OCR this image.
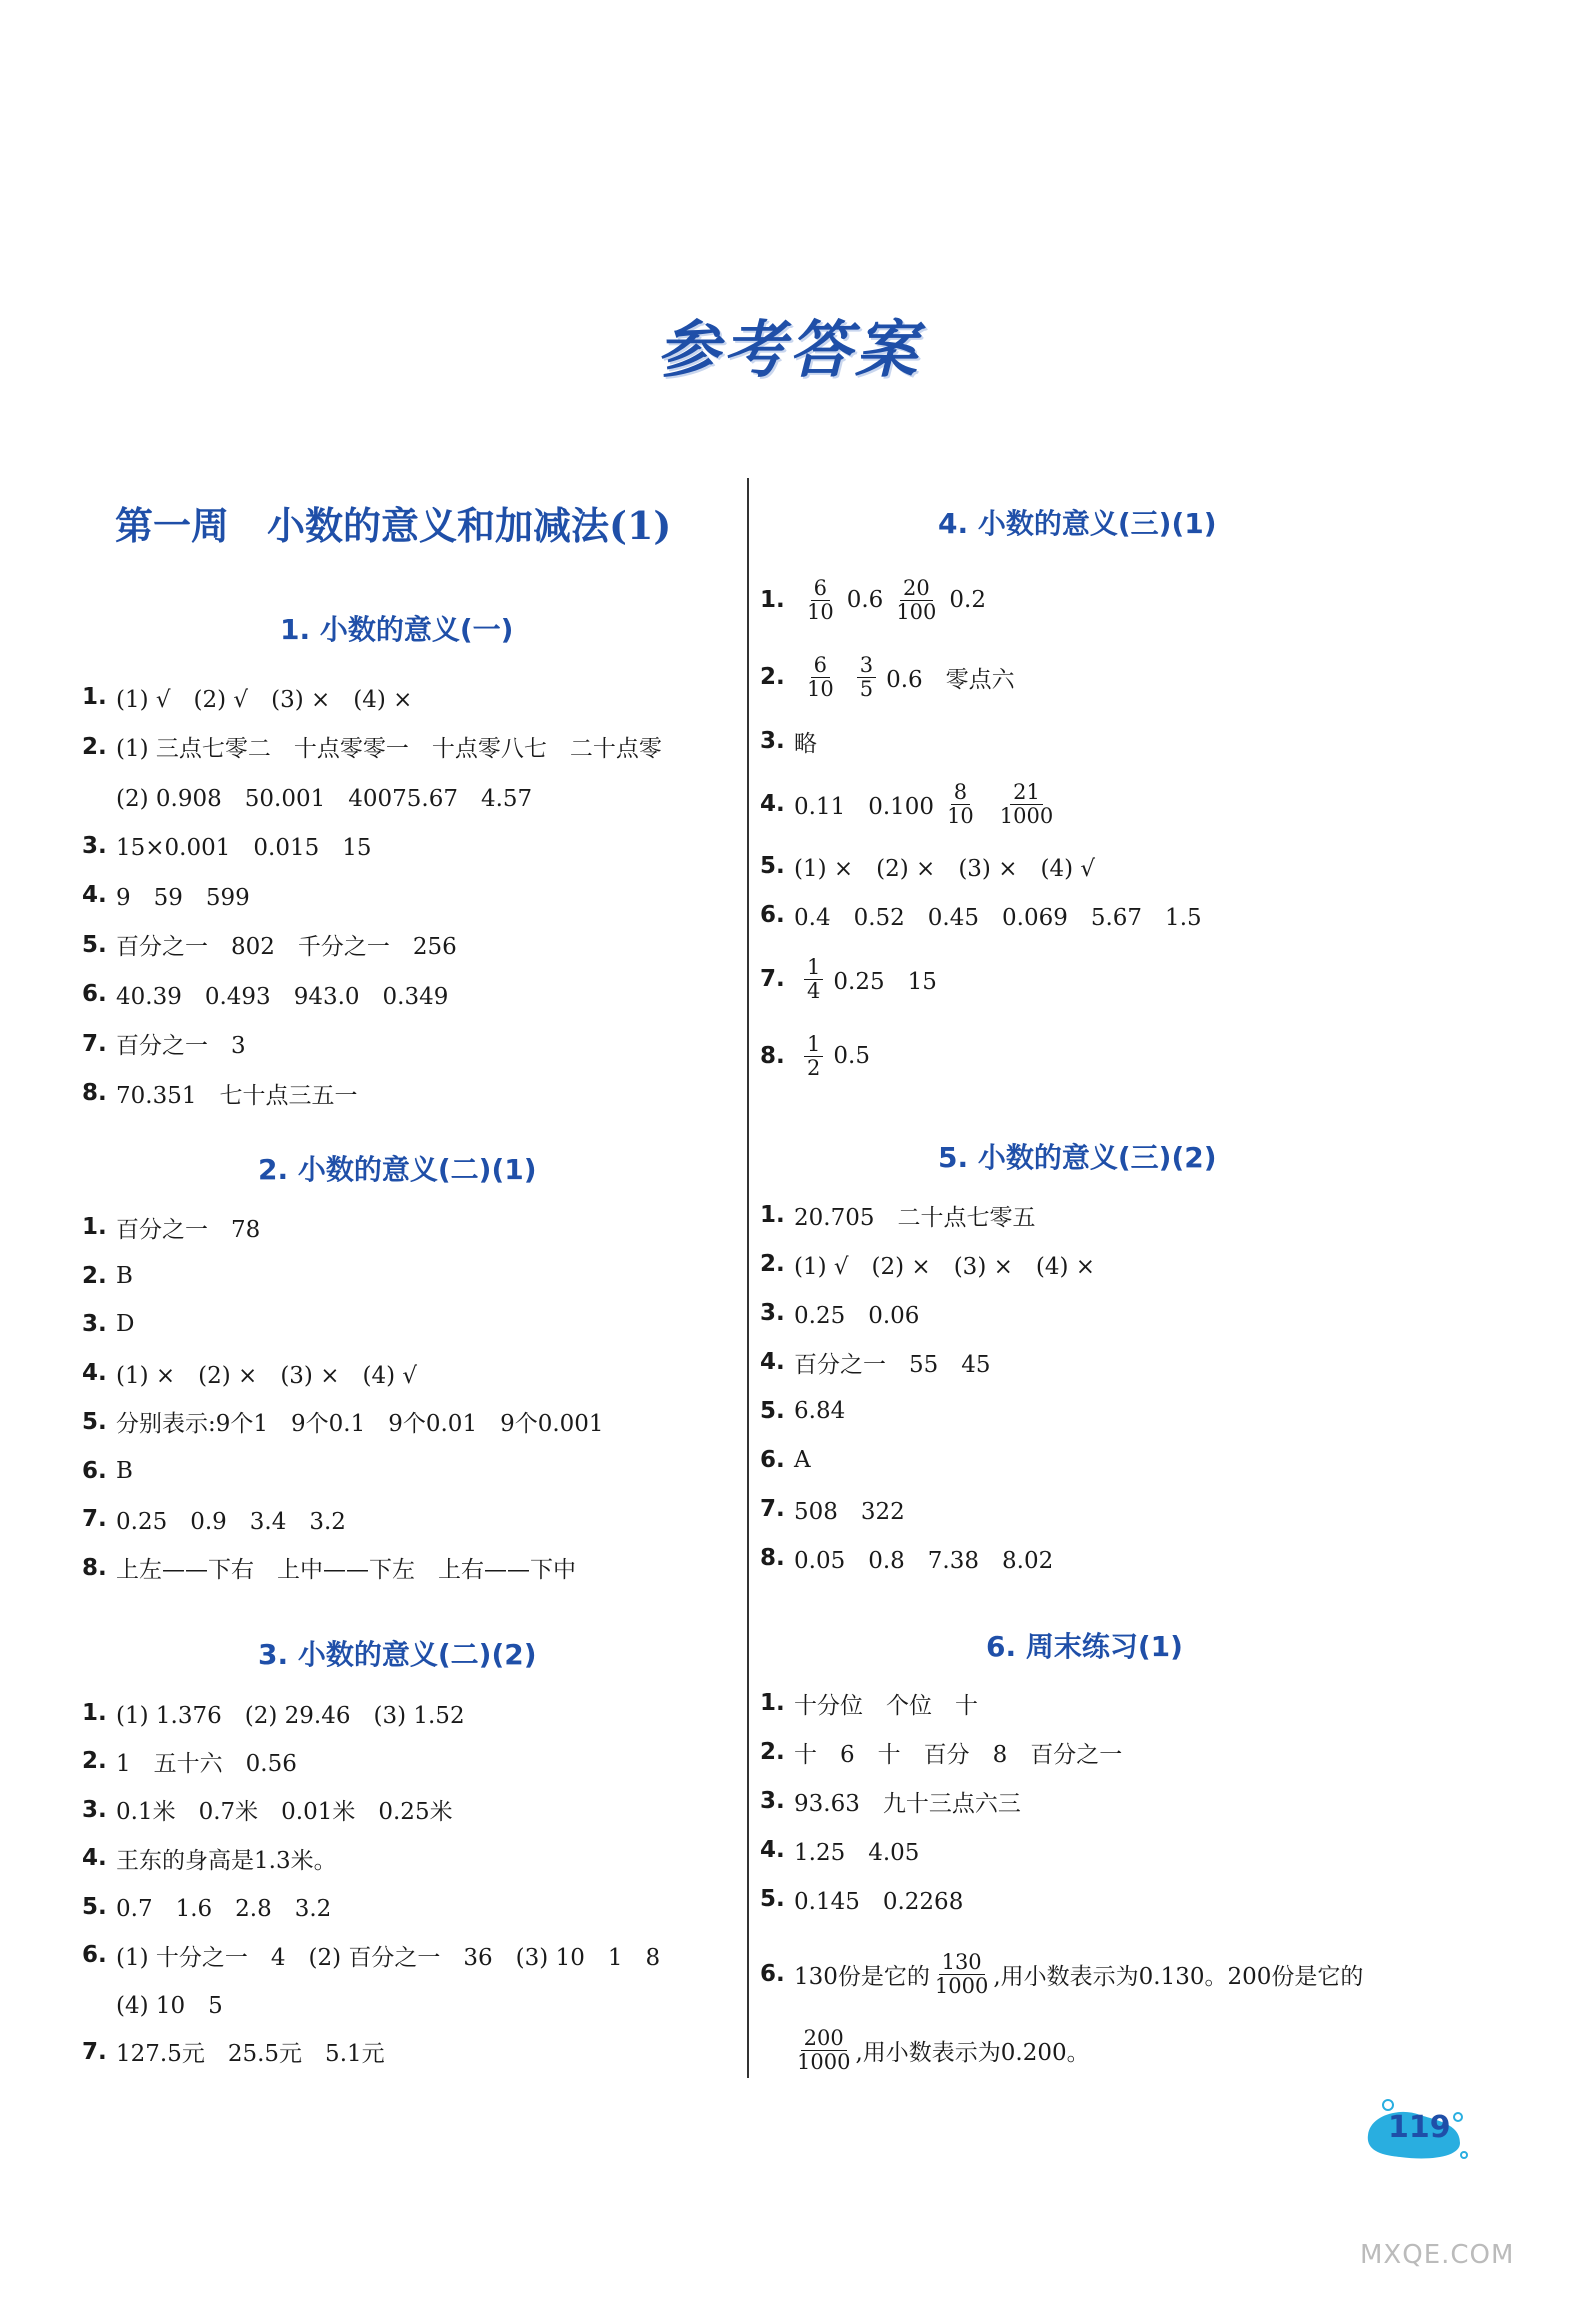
参考答案
第一周　小数的意义和加减法(1)
1. 小数的意义(一)
1. (1) √　(2) √　(3) ×　(4) ×
2. (1) 三点七零二　十点零零一　十点零八七　二十点零
(2) 0.908　50.001　40075.67　4.57
3. 15×0.001　0.015　15
4. 9　59　599
5. 百分之一　802　千分之一　256
6. 40.39　0.493　943.0　0.349
7. 百分之一　3
8. 70.351　七十点三五一
2. 小数的意义(二)(1)
1. 百分之一　78
2. B
3. D
4. (1) ×　(2) ×　(3) ×　(4) √
5. 分别表示:9个1　9个0.1　9个0.01　9个0.001
6. B
7. 0.25　0.9　3.4　3.2
8. 上左——下右　上中——下左　上右——下中
3. 小数的意义(二)(2)
1. (1) 1.376　(2) 29.46　(3) 1.52
2. 1　五十六　0.56
3. 0.1米　0.7米　0.01米　0.25米
4. 王东的身高是1.3米。
5. 0.7　1.6　2.8　3.2
6. (1) 十分之一　4　(2) 百分之一　36　(3) 10　1　8
(4) 10　5
7. 127.5元　25.5元　5.1元
4. 小数的意义(三)(1)
1. $\frac{6}{10} 0.6 \frac{20}{100} 0.2$
2. $\frac{6}{10} \frac{3}{5} 0.6$　零点六
3. 略
4. 0.11　$0.100 \frac{8}{10} \frac{21}{1000}$
5. (1) ×　(2) ×　(3) ×　(4) √
6. 0.4　0.52　0.45　0.069　5.67　1.5
7. $\frac{1}{4} 0.25$　15
8. $\frac{1}{2} 0.5$
5. 小数的意义(三)(2)
1. 20.705　二十点七零五
2. (1) √　(2) ×　(3) ×　(4) ×
3. 0.25　0.06
4. 百分之一　55　45
5. 6.84
6. A
7. 508　322
8. 0.05　0.8　7.38　8.02
6. 周末练习(1)
1. 十分位　个位　十
2. 十　6　十　百分　8　百分之一
3. 93.63　九十三点六三
4. 1.25　4.05
5. 0.145　0.2268
6. 130份是它的 $\frac{130}{1000}$ ,用小数表示为0.130。200份是它的
$\frac{200}{1000}$ ,用小数表示为0.200。
119
MXQE.COM
